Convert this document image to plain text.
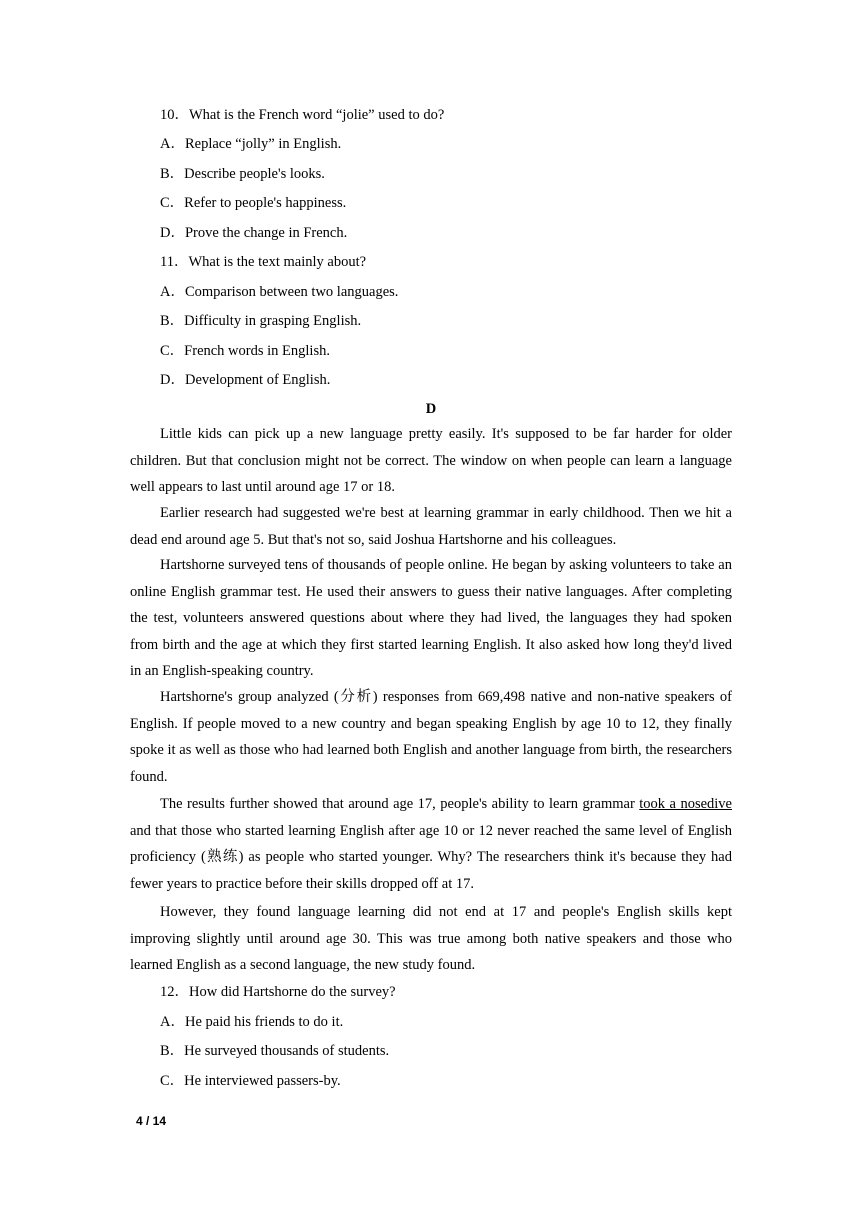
10．What is the French word “jolie” used to do?
A．Replace “jolly” in English.
B．Describe people's looks.
C．Refer to people's happiness.
D．Prove the change in French.
11．What is the text mainly about?
A．Comparison between two languages.
B．Difficulty in grasping English.
C．French words in English.
D．Development of English.
D
Little kids can pick up a new language pretty easily. It's supposed to be far harder for older children. But that conclusion might not be correct. The window on when people can learn a language well appears to last until around age 17 or 18.
Earlier research had suggested we're best at learning grammar in early childhood. Then we hit a dead end around age 5. But that's not so, said Joshua Hartshorne and his colleagues.
Hartshorne surveyed tens of thousands of people online. He began by asking volunteers to take an online English grammar test. He used their answers to guess their native languages. After completing the test, volunteers answered questions about where they had lived, the languages they had spoken from birth and the age at which they first started learning English. It also asked how long they'd lived in an English-speaking country.
Hartshorne's group analyzed (分析) responses from 669,498 native and non-native speakers of English. If people moved to a new country and began speaking English by age 10 to 12, they finally spoke it as well as those who had learned both English and another language from birth, the researchers found.
The results further showed that around age 17, people's ability to learn grammar took a nosedive and that those who started learning English after age 10 or 12 never reached the same level of English proficiency (熟练) as people who started younger. Why? The researchers think it's because they had fewer years to practice before their skills dropped off at 17.
However, they found language learning did not end at 17 and people's English skills kept improving slightly until around age 30. This was true among both native speakers and those who learned English as a second language, the new study found.
12．How did Hartshorne do the survey?
A．He paid his friends to do it.
B．He surveyed thousands of students.
C．He interviewed passers-by.
4 / 14
